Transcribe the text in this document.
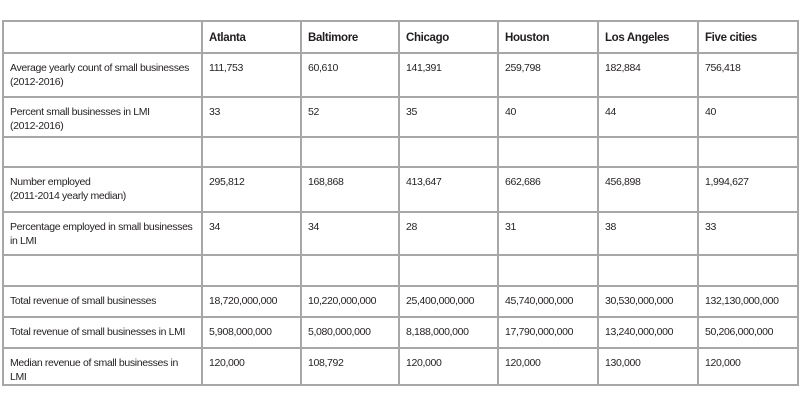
	Atlanta	Baltimore	Chicago	Houston	Los Angeles	Five cities

Average yearly count of small businesses
(2012-2016)	111,753	60,610	141,391	259,798	182,884	756,418

Percent small businesses in LMI
(2012-2016)	33	52	35	40	44	40

Number employed
(2011-2014 yearly median)	295,812	168,868	413,647	662,686	456,898	1,994,627

Percentage employed in small businesses
in LMI	34	34	28	31	38	33

Total revenue of small businesses	18,720,000,000	10,220,000,000	25,400,000,000	45,740,000,000	30,530,000,000	132,130,000,000
Total revenue of small businesses in LMI	5,908,000,000	5,080,000,000	8,188,000,000	17,790,000,000	13,240,000,000	50,206,000,000
Median revenue of small businesses in LMI	120,000	108,792	120,000	120,000	130,000	120,000
